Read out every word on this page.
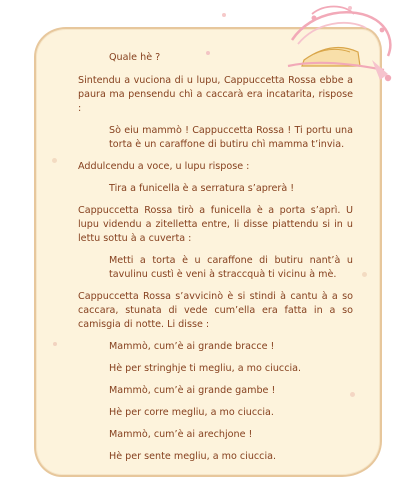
Quale hè ?

Sintendu a vuciona di u lupu, Cappuccetta Rossa ebbe a paura ma pensendu chì a caccarà era incatarita, rispose :

Sò eiu mammò ! Cappuccetta Rossa ! Ti portu una torta è un caraffone di butiru chì mamma t’invia.

Addulcendu a voce, u lupu rispose :

Tira a funicella è a serratura s’aprerà !

Cappuccetta Rossa tirò a funicella è a porta s’aprì. U lupu videndu a zitelletta entre, li disse piattendu si in u lettu sottu à a cuverta :

Metti a torta è u caraffone di butiru nant’à u tavulinu custì è veni à straccquà ti vicinu à mè.

Cappuccetta Rossa s’avvicinò è si stindi à cantu à a so caccara, stunata di vede cum’ella era fatta in a so camisgia di notte. Li disse :

Mammò, cum’è ai grande bracce !

Hè per stringhje ti megliu, a mo ciuccia.

Mammò, cum’è ai grande gambe !

Hè per corre megliu, a mo ciuccia.

Mammò, cum’è ai arechjone !

Hè per sente megliu, a mo ciuccia.
